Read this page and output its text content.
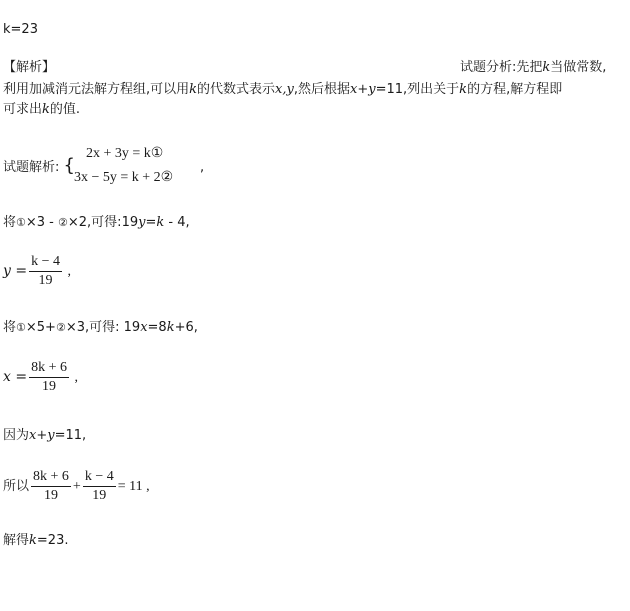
k=23
【解析】	试题分析:先把k当做常数,
利用加减消元法解方程组,可以用k的代数式表示x,y,然后根据x+y=11,列出关于k的方程,解方程即
可求出k的值.
试题解析: {
2x + 3y = k①
3x − 5y = k + 2②
,
将①×3 - ②×2,可得:19y=k - 4,
$y = \frac{k - 4}{19}$ ,
将①×5+②×3,可得: 19x=8k+6,
$x = \frac{8k + 6}{19}$ ,
因为x+y=11,
所以 $\frac{8k + 6}{19} + \frac{k - 4}{19} = 11$ ,
解得k=23.
